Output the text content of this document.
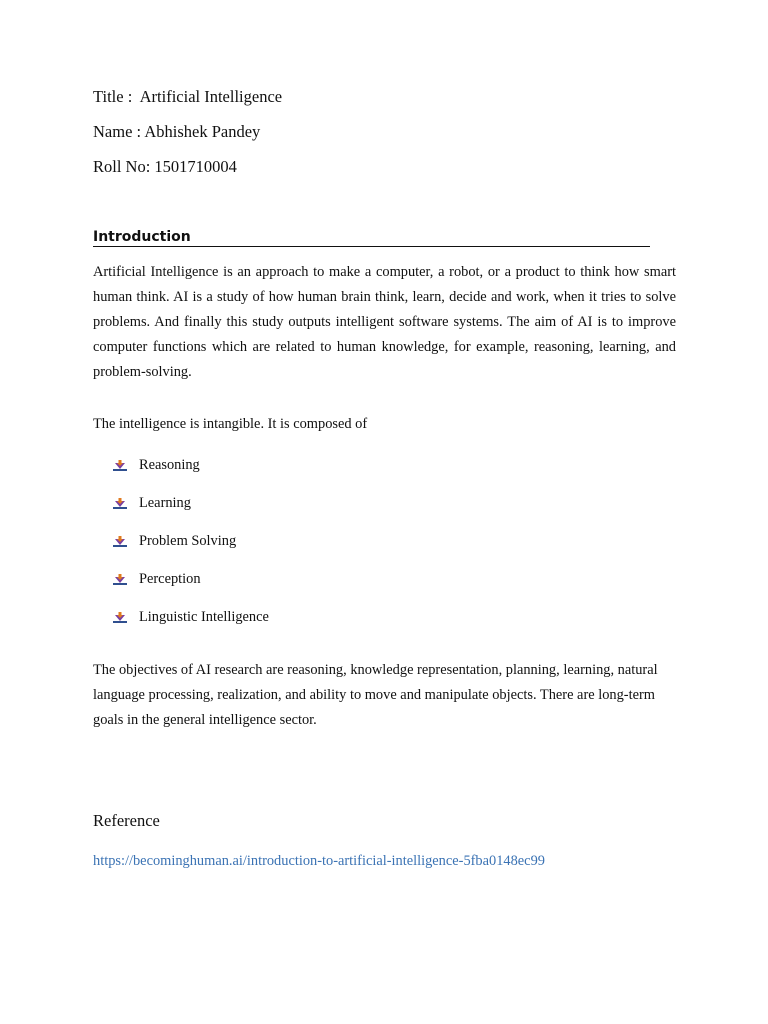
Title :  Artificial Intelligence
Name : Abhishek Pandey
Roll No: 1501710004
Introduction
Artificial Intelligence is an approach to make a computer, a robot, or a product to think how smart human think. AI is a study of how human brain think, learn, decide and work, when it tries to solve problems. And finally this study outputs intelligent software systems. The aim of AI is to improve computer functions which are related to human knowledge, for example, reasoning, learning, and problem-solving.
The intelligence is intangible. It is composed of
Reasoning
Learning
Problem Solving
Perception
Linguistic Intelligence
The objectives of AI research are reasoning, knowledge representation, planning, learning, natural language processing, realization, and ability to move and manipulate objects. There are long-term goals in the general intelligence sector.
Reference
https://becominghuman.ai/introduction-to-artificial-intelligence-5fba0148ec99
